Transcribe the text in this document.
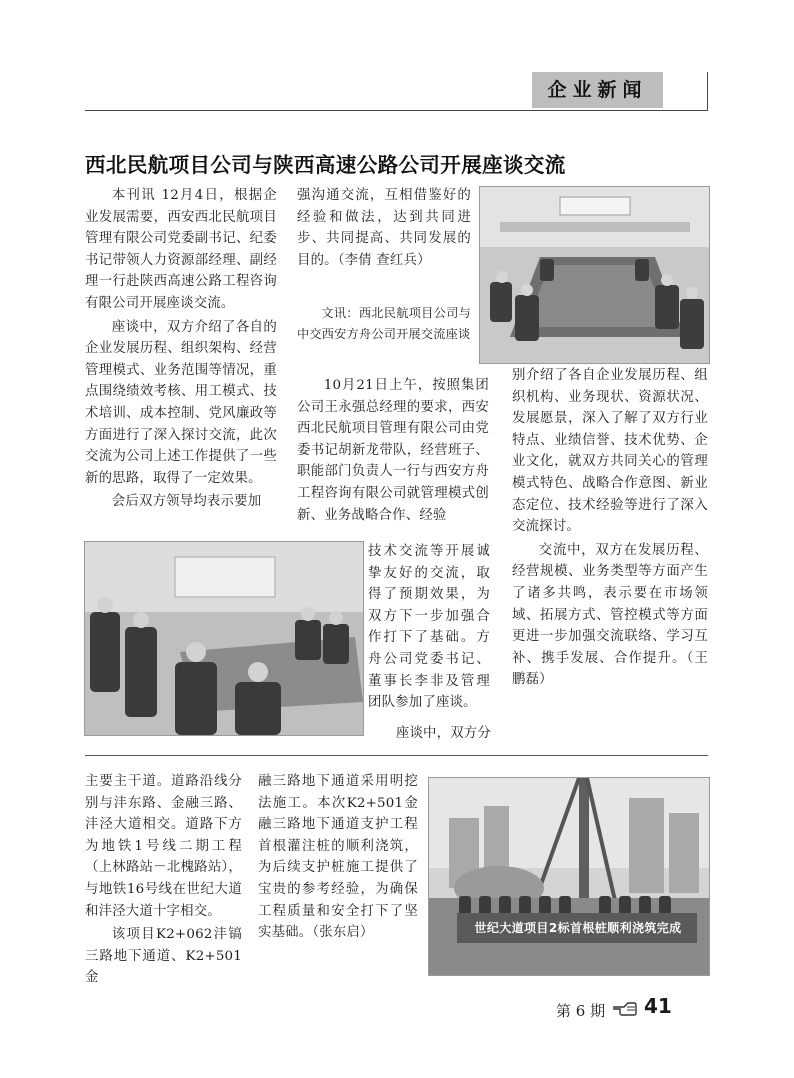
企业新闻
西北民航项目公司与陕西高速公路公司开展座谈交流

本刊讯 12月4日，根据企业发展需要，西安西北民航项目管理有限公司党委副书记、纪委书记带领人力资源部经理、副经理一行赴陕西高速公路工程咨询有限公司开展座谈交流。

座谈中，双方介绍了各自的企业发展历程、组织架构、经营管理模式、业务范围等情况，重点围绕绩效考核、用工模式、技术培训、成本控制、党风廉政等方面进行了深入探讨交流，此次交流为公司上述工作提供了一些新的思路，取得了一定效果。

会后双方领导均表示要加

强沟通交流，互相借鉴好的经验和做法，达到共同进步、共同提高、共同发展的目的。（李倩 查红兵）

文讯：西北民航项目公司与中交西安方舟公司开展交流座谈

10月21日上午，按照集团公司王永强总经理的要求，西安西北民航项目管理有限公司由党委书记胡新龙带队，经营班子、职能部门负责人一行与西安方舟工程咨询有限公司就管理模式创新、业务战略合作、经验

技术交流等开展诚挚友好的交流，取得了预期效果，为双方下一步加强合作打下了基础。方舟公司党委书记、董事长李非及管理团队参加了座谈。

座谈中，双方分

别介绍了各自企业发展历程、组织机构、业务现状、资源状况、发展愿景，深入了解了双方行业特点、业绩信誉、技术优势、企业文化，就双方共同关心的管理模式特色、战略合作意图、新业态定位、技术经验等进行了深入交流探讨。

交流中，双方在发展历程、经营规模、业务类型等方面产生了诸多共鸣，表示要在市场领域、拓展方式、管控模式等方面更进一步加强交流联络、学习互补、携手发展、合作提升。（王鹏磊）

主要主干道。道路沿线分别与沣东路、金融三路、沣泾大道相交。道路下方为地铁1号线二期工程（上林路站－北槐路站），与地铁16号线在世纪大道和沣泾大道十字相交。

该项目K2+062沣镐三路地下通道、K2+501金

融三路地下通道采用明挖法施工。本次K2+501金融三路地下通道支护工程首根灌注桩的顺利浇筑，为后续支护桩施工提供了宝贵的参考经验，为确保工程质量和安全打下了坚实基础。（张东启）	世纪大道项目2标首根桩顺利浇筑完成
第 6 期 41
